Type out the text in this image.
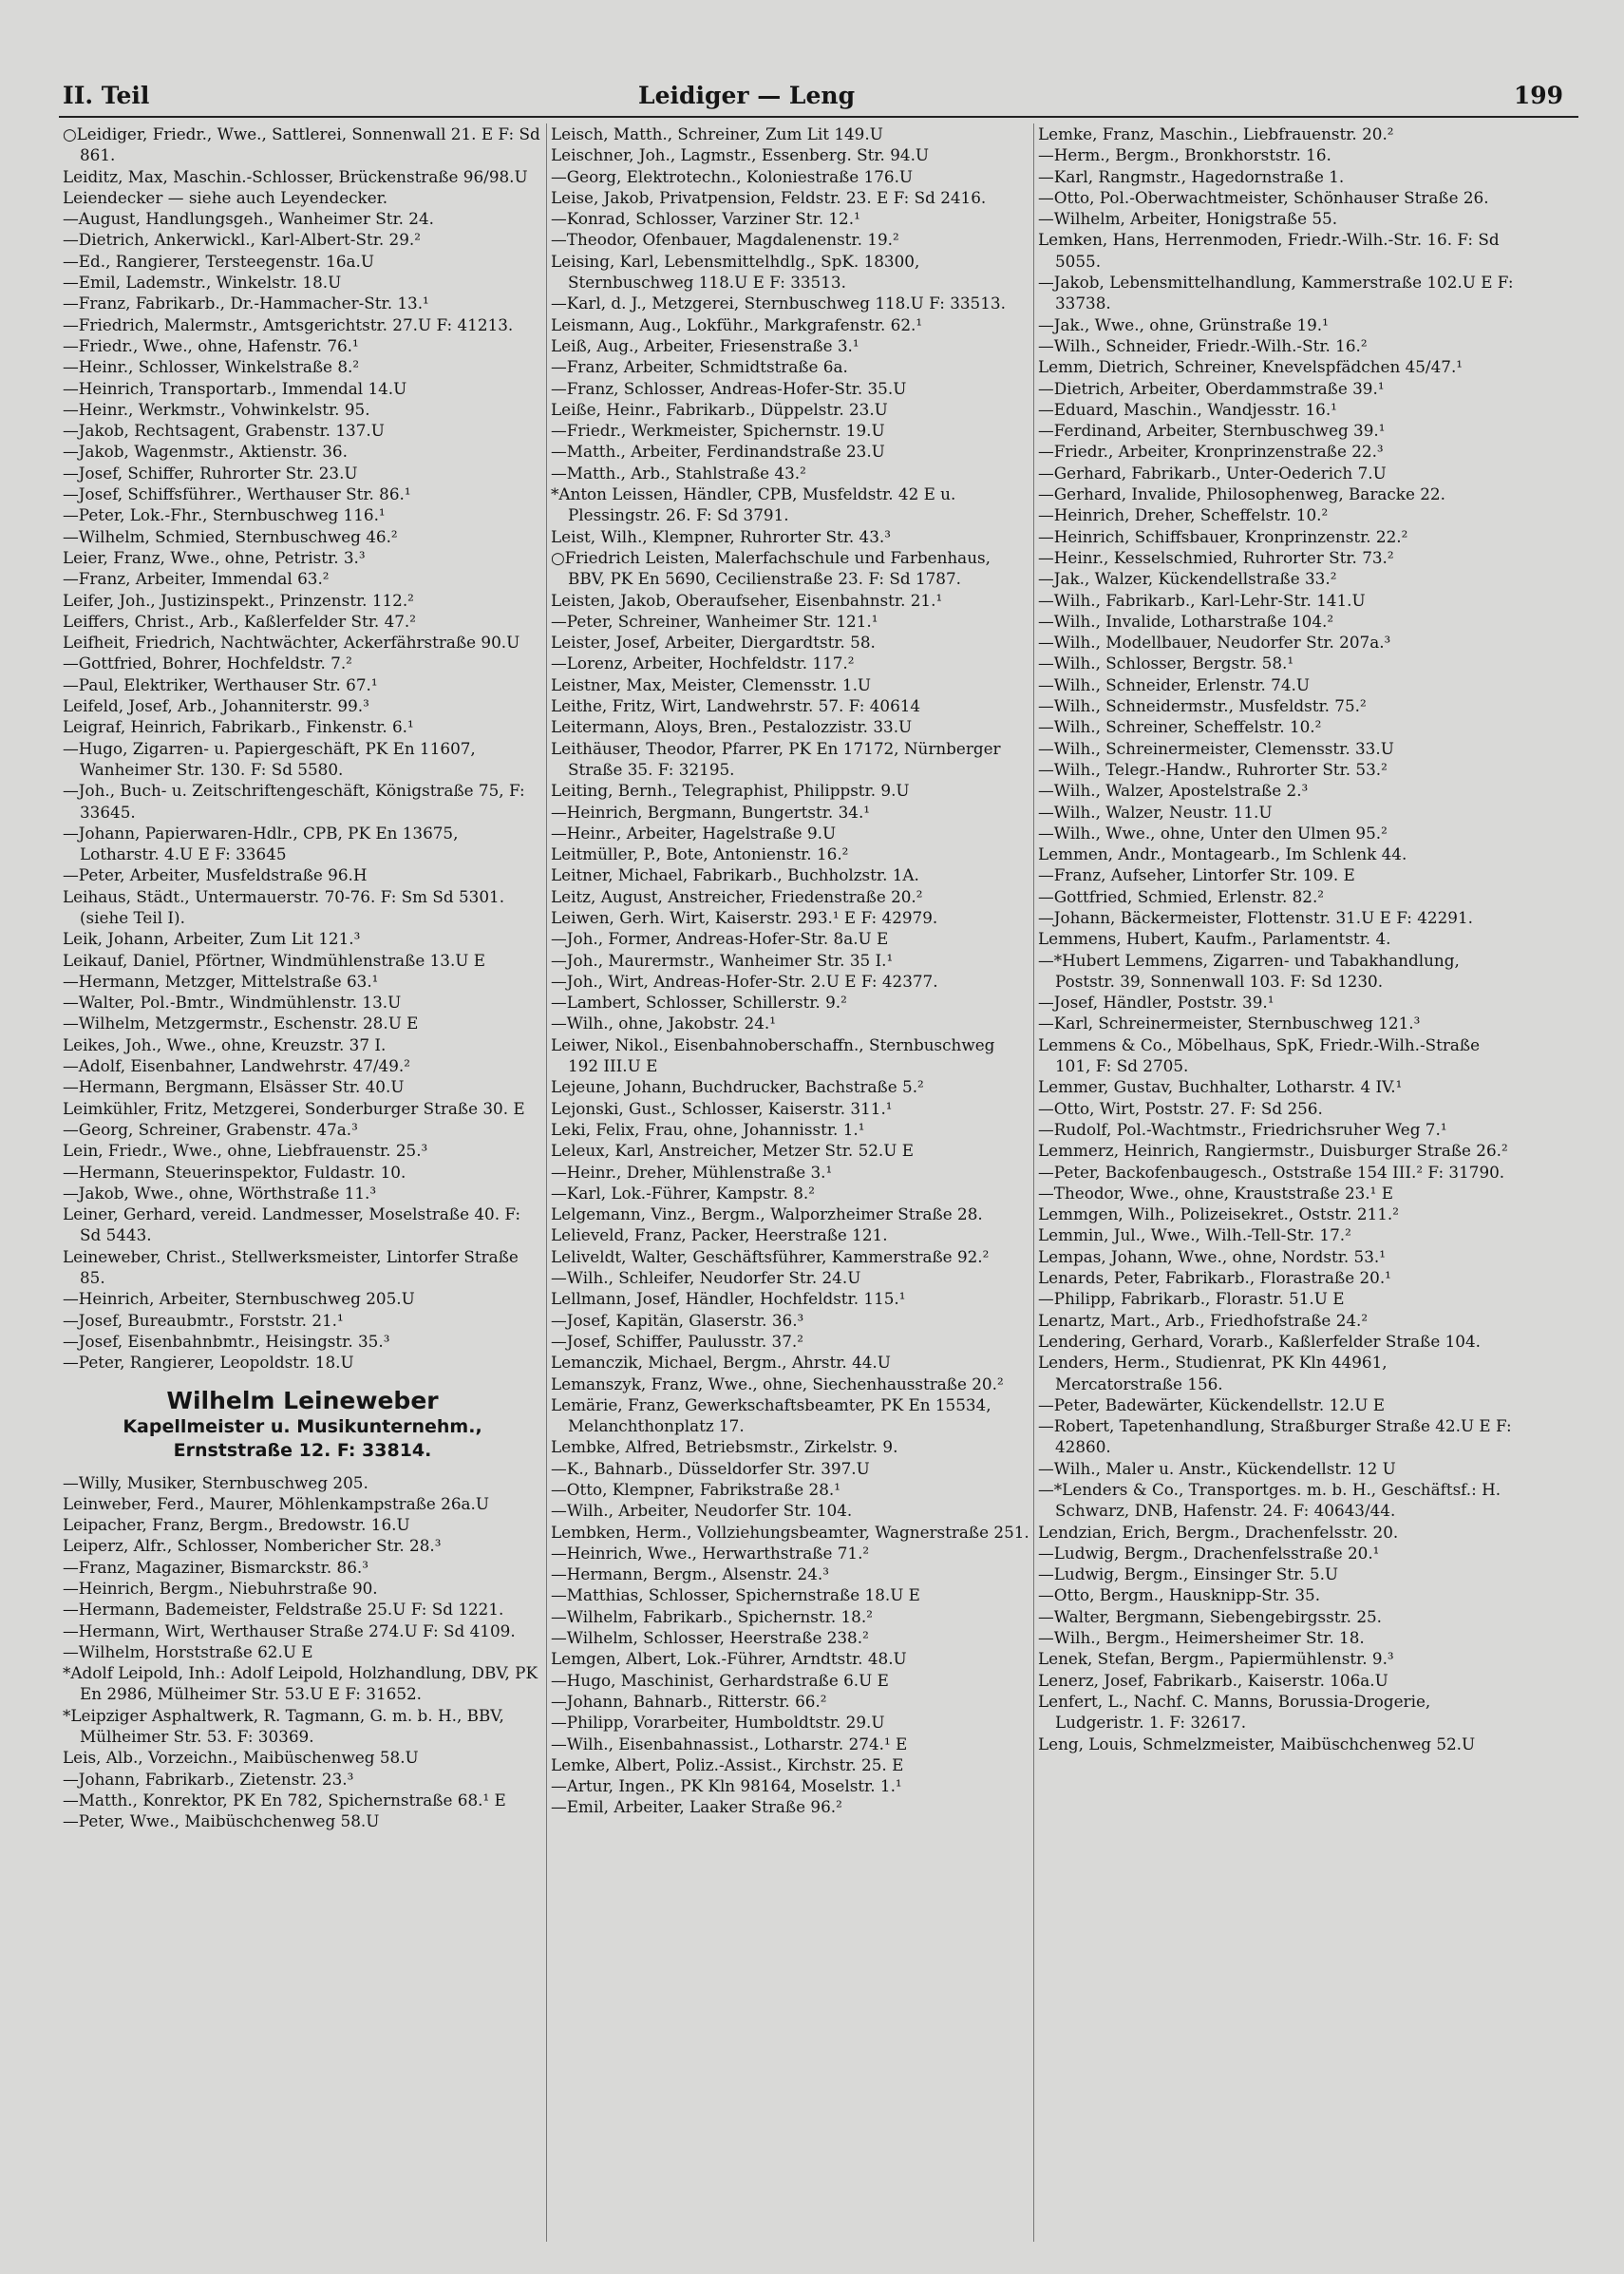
II. Teil	Leidiger — Leng	199

○Leidiger, Friedr., Wwe., Sattlerei, Sonnenwall 21. E F: Sd 861.

Leiditz, Max, Maschin.-Schlosser, Brückenstraße 96/98.U

Leiendecker — siehe auch Leyendecker.

—August, Handlungsgeh., Wanheimer Str. 24.

—Dietrich, Ankerwickl., Karl-Albert-Str. 29.²

—Ed., Rangierer, Tersteegenstr. 16a.U

—Emil, Lademstr., Winkelstr. 18.U

—Franz, Fabrikarb., Dr.-Hammacher-Str. 13.¹

—Friedrich, Malermstr., Amtsgerichtstr. 27.U F: 41213.

—Friedr., Wwe., ohne, Hafenstr. 76.¹

—Heinr., Schlosser, Winkelstraße 8.²

—Heinrich, Transportarb., Immendal 14.U

—Heinr., Werkmstr., Vohwinkelstr. 95.

—Jakob, Rechtsagent, Grabenstr. 137.U

—Jakob, Wagenmstr., Aktienstr. 36.

—Josef, Schiffer, Ruhrorter Str. 23.U

—Josef, Schiffsführer., Werthauser Str. 86.¹

—Peter, Lok.-Fhr., Sternbuschweg 116.¹

—Wilhelm, Schmied, Sternbuschweg 46.²

Leier, Franz, Wwe., ohne, Petristr. 3.³

—Franz, Arbeiter, Immendal 63.²

Leifer, Joh., Justizinspekt., Prinzenstr. 112.²

Leiffers, Christ., Arb., Kaßlerfelder Str. 47.²

Leifheit, Friedrich, Nachtwächter, Ackerfährstraße 90.U

—Gottfried, Bohrer, Hochfeldstr. 7.²

—Paul, Elektriker, Werthauser Str. 67.¹

Leifeld, Josef, Arb., Johanniterstr. 99.³

Leigraf, Heinrich, Fabrikarb., Finkenstr. 6.¹

—Hugo, Zigarren- u. Papiergeschäft, PK En 11607, Wanheimer Str. 130. F: Sd 5580.

—Joh., Buch- u. Zeitschriftengeschäft, Königstraße 75, F: 33645.

—Johann, Papierwaren-Hdlr., CPB, PK En 13675, Lotharstr. 4.U E F: 33645

—Peter, Arbeiter, Musfeldstraße 96.H

Leihaus, Städt., Untermauerstr. 70-76. F: Sm Sd 5301. (siehe Teil I).

Leik, Johann, Arbeiter, Zum Lit 121.³

Leikauf, Daniel, Pförtner, Windmühlenstraße 13.U E

—Hermann, Metzger, Mittelstraße 63.¹

—Walter, Pol.-Bmtr., Windmühlenstr. 13.U

—Wilhelm, Metzgermstr., Eschenstr. 28.U E

Leikes, Joh., Wwe., ohne, Kreuzstr. 37 I.

—Adolf, Eisenbahner, Landwehrstr. 47/49.²

—Hermann, Bergmann, Elsässer Str. 40.U

Leimkühler, Fritz, Metzgerei, Sonderburger Straße 30. E

—Georg, Schreiner, Grabenstr. 47a.³

Lein, Friedr., Wwe., ohne, Liebfrauenstr. 25.³

—Hermann, Steuerinspektor, Fuldastr. 10.

—Jakob, Wwe., ohne, Wörthstraße 11.³

Leiner, Gerhard, vereid. Landmesser, Moselstraße 40. F: Sd 5443.

Leineweber, Christ., Stellwerksmeister, Lintorfer Straße 85.

—Heinrich, Arbeiter, Sternbuschweg 205.U

—Josef, Bureaubmtr., Forststr. 21.¹

—Josef, Eisenbahnbmtr., Heisingstr. 35.³

—Peter, Rangierer, Leopoldstr. 18.U

Wilhelm Leineweber
Kapellmeister u. Musikunternehm.,
Ernststraße 12. F: 33814.

—Willy, Musiker, Sternbuschweg 205.

Leinweber, Ferd., Maurer, Möhlenkampstraße 26a.U

Leipacher, Franz, Bergm., Bredowstr. 16.U

Leiperz, Alfr., Schlosser, Nombericher Str. 28.³

—Franz, Magaziner, Bismarckstr. 86.³

—Heinrich, Bergm., Niebuhrstraße 90.

—Hermann, Bademeister, Feldstraße 25.U F: Sd 1221.

—Hermann, Wirt, Werthauser Straße 274.U F: Sd 4109.

—Wilhelm, Horststraße 62.U E

*Adolf Leipold, Inh.: Adolf Leipold, Holzhandlung, DBV, PK En 2986, Mülheimer Str. 53.U E F: 31652.

*Leipziger Asphaltwerk, R. Tagmann, G. m. b. H., BBV, Mülheimer Str. 53. F: 30369.

Leis, Alb., Vorzeichn., Maibüschenweg 58.U

—Johann, Fabrikarb., Zietenstr. 23.³

—Matth., Konrektor, PK En 782, Spichernstraße 68.¹ E

—Peter, Wwe., Maibüschchenweg 58.U

Leisch, Matth., Schreiner, Zum Lit 149.U

Leischner, Joh., Lagmstr., Essenberg. Str. 94.U

—Georg, Elektrotechn., Koloniestraße 176.U

Leise, Jakob, Privatpension, Feldstr. 23. E F: Sd 2416.

—Konrad, Schlosser, Varziner Str. 12.¹

—Theodor, Ofenbauer, Magdalenenstr. 19.²

Leising, Karl, Lebensmittelhdlg., SpK. 18300, Sternbuschweg 118.U E F: 33513.

—Karl, d. J., Metzgerei, Sternbuschweg 118.U F: 33513.

Leismann, Aug., Lokführ., Markgrafenstr. 62.¹

Leiß, Aug., Arbeiter, Friesenstraße 3.¹

—Franz, Arbeiter, Schmidtstraße 6a.

—Franz, Schlosser, Andreas-Hofer-Str. 35.U

Leiße, Heinr., Fabrikarb., Düppelstr. 23.U

—Friedr., Werkmeister, Spichernstr. 19.U

—Matth., Arbeiter, Ferdinandstraße 23.U

—Matth., Arb., Stahlstraße 43.²

*Anton Leissen, Händler, CPB, Musfeldstr. 42 E u. Plessingstr. 26. F: Sd 3791.

Leist, Wilh., Klempner, Ruhrorter Str. 43.³

○Friedrich Leisten, Malerfachschule und Farbenhaus, BBV, PK En 5690, Cecilienstraße 23. F: Sd 1787.

Leisten, Jakob, Oberaufseher, Eisenbahnstr. 21.¹

—Peter, Schreiner, Wanheimer Str. 121.¹

Leister, Josef, Arbeiter, Diergardtstr. 58.

—Lorenz, Arbeiter, Hochfeldstr. 117.²

Leistner, Max, Meister, Clemensstr. 1.U

Leithe, Fritz, Wirt, Landwehrstr. 57. F: 40614

Leitermann, Aloys, Bren., Pestalozzistr. 33.U

Leithäuser, Theodor, Pfarrer, PK En 17172, Nürnberger Straße 35. F: 32195.

Leiting, Bernh., Telegraphist, Philippstr. 9.U

—Heinrich, Bergmann, Bungertstr. 34.¹

—Heinr., Arbeiter, Hagelstraße 9.U

Leitmüller, P., Bote, Antonienstr. 16.²

Leitner, Michael, Fabrikarb., Buchholzstr. 1A.

Leitz, August, Anstreicher, Friedenstraße 20.²

Leiwen, Gerh. Wirt, Kaiserstr. 293.¹ E F: 42979.

—Joh., Former, Andreas-Hofer-Str. 8a.U E

—Joh., Maurermstr., Wanheimer Str. 35 I.¹

—Joh., Wirt, Andreas-Hofer-Str. 2.U E F: 42377.

—Lambert, Schlosser, Schillerstr. 9.²

—Wilh., ohne, Jakobstr. 24.¹

Leiwer, Nikol., Eisenbahnoberschaffn., Sternbuschweg 192 III.U E

Lejeune, Johann, Buchdrucker, Bachstraße 5.²

Lejonski, Gust., Schlosser, Kaiserstr. 311.¹

Leki, Felix, Frau, ohne, Johannisstr. 1.¹

Leleux, Karl, Anstreicher, Metzer Str. 52.U E

—Heinr., Dreher, Mühlenstraße 3.¹

—Karl, Lok.-Führer, Kampstr. 8.²

Lelgemann, Vinz., Bergm., Walporzheimer Straße 28.

Lelieveld, Franz, Packer, Heerstraße 121.

Leliveldt, Walter, Geschäftsführer, Kammerstraße 92.²

—Wilh., Schleifer, Neudorfer Str. 24.U

Lellmann, Josef, Händler, Hochfeldstr. 115.¹

—Josef, Kapitän, Glaserstr. 36.³

—Josef, Schiffer, Paulusstr. 37.²

Lemanczik, Michael, Bergm., Ahrstr. 44.U

Lemanszyk, Franz, Wwe., ohne, Siechenhausstraße 20.²

Lemärie, Franz, Gewerkschaftsbeamter, PK En 15534, Melanchthonplatz 17.

Lembke, Alfred, Betriebsmstr., Zirkelstr. 9.

—K., Bahnarb., Düsseldorfer Str. 397.U

—Otto, Klempner, Fabrikstraße 28.¹

—Wilh., Arbeiter, Neudorfer Str. 104.

Lembken, Herm., Vollziehungsbeamter, Wagnerstraße 251.

—Heinrich, Wwe., Herwarthstraße 71.²

—Hermann, Bergm., Alsenstr. 24.³

—Matthias, Schlosser, Spichernstraße 18.U E

—Wilhelm, Fabrikarb., Spichernstr. 18.²

—Wilhelm, Schlosser, Heerstraße 238.²

Lemgen, Albert, Lok.-Führer, Arndtstr. 48.U

—Hugo, Maschinist, Gerhardstraße 6.U E

—Johann, Bahnarb., Ritterstr. 66.²

—Philipp, Vorarbeiter, Humboldtstr. 29.U

—Wilh., Eisenbahnassist., Lotharstr. 274.¹ E

Lemke, Albert, Poliz.-Assist., Kirchstr. 25. E

—Artur, Ingen., PK Kln 98164, Moselstr. 1.¹

—Emil, Arbeiter, Laaker Straße 96.²

Lemke, Franz, Maschin., Liebfrauenstr. 20.²

—Herm., Bergm., Bronkhorststr. 16.

—Karl, Rangmstr., Hagedornstraße 1.

—Otto, Pol.-Oberwachtmeister, Schönhauser Straße 26.

—Wilhelm, Arbeiter, Honigstraße 55.

Lemken, Hans, Herrenmoden, Friedr.-Wilh.-Str. 16. F: Sd 5055.

—Jakob, Lebensmittelhandlung, Kammerstraße 102.U E F: 33738.

—Jak., Wwe., ohne, Grünstraße 19.¹

—Wilh., Schneider, Friedr.-Wilh.-Str. 16.²

Lemm, Dietrich, Schreiner, Knevelspfädchen 45/47.¹

—Dietrich, Arbeiter, Oberdammstraße 39.¹

—Eduard, Maschin., Wandjesstr. 16.¹

—Ferdinand, Arbeiter, Sternbuschweg 39.¹

—Friedr., Arbeiter, Kronprinzenstraße 22.³

—Gerhard, Fabrikarb., Unter-Oederich 7.U

—Gerhard, Invalide, Philosophenweg, Baracke 22.

—Heinrich, Dreher, Scheffelstr. 10.²

—Heinrich, Schiffsbauer, Kronprinzenstr. 22.²

—Heinr., Kesselschmied, Ruhrorter Str. 73.²

—Jak., Walzer, Kückendellstraße 33.²

—Wilh., Fabrikarb., Karl-Lehr-Str. 141.U

—Wilh., Invalide, Lotharstraße 104.²

—Wilh., Modellbauer, Neudorfer Str. 207a.³

—Wilh., Schlosser, Bergstr. 58.¹

—Wilh., Schneider, Erlenstr. 74.U

—Wilh., Schneidermstr., Musfeldstr. 75.²

—Wilh., Schreiner, Scheffelstr. 10.²

—Wilh., Schreinermeister, Clemensstr. 33.U

—Wilh., Telegr.-Handw., Ruhrorter Str. 53.²

—Wilh., Walzer, Apostelstraße 2.³

—Wilh., Walzer, Neustr. 11.U

—Wilh., Wwe., ohne, Unter den Ulmen 95.²

Lemmen, Andr., Montagearb., Im Schlenk 44.

—Franz, Aufseher, Lintorfer Str. 109. E

—Gottfried, Schmied, Erlenstr. 82.²

—Johann, Bäckermeister, Flottenstr. 31.U E F: 42291.

Lemmens, Hubert, Kaufm., Parlamentstr. 4.

—*Hubert Lemmens, Zigarren- und Tabakhandlung, Poststr. 39, Sonnenwall 103. F: Sd 1230.

—Josef, Händler, Poststr. 39.¹

—Karl, Schreinermeister, Sternbuschweg 121.³

Lemmens & Co., Möbelhaus, SpK, Friedr.-Wilh.-Straße 101, F: Sd 2705.

Lemmer, Gustav, Buchhalter, Lotharstr. 4 IV.¹

—Otto, Wirt, Poststr. 27. F: Sd 256.

—Rudolf, Pol.-Wachtmstr., Friedrichsruher Weg 7.¹

Lemmerz, Heinrich, Rangiermstr., Duisburger Straße 26.²

—Peter, Backofenbaugesch., Oststraße 154 III.² F: 31790.

—Theodor, Wwe., ohne, Krauststraße 23.¹ E

Lemmgen, Wilh., Polizeisekret., Oststr. 211.²

Lemmin, Jul., Wwe., Wilh.-Tell-Str. 17.²

Lempas, Johann, Wwe., ohne, Nordstr. 53.¹

Lenards, Peter, Fabrikarb., Florastraße 20.¹

—Philipp, Fabrikarb., Florastr. 51.U E

Lenartz, Mart., Arb., Friedhofstraße 24.²

Lendering, Gerhard, Vorarb., Kaßlerfelder Straße 104.

Lenders, Herm., Studienrat, PK Kln 44961, Mercatorstraße 156.

—Peter, Badewärter, Kückendellstr. 12.U E

—Robert, Tapetenhandlung, Straßburger Straße 42.U E F: 42860.

—Wilh., Maler u. Anstr., Kückendellstr. 12 U

—*Lenders & Co., Transportges. m. b. H., Geschäftsf.: H. Schwarz, DNB, Hafenstr. 24. F: 40643/44.

Lendzian, Erich, Bergm., Drachenfelsstr. 20.

—Ludwig, Bergm., Drachenfelsstraße 20.¹

—Ludwig, Bergm., Einsinger Str. 5.U

—Otto, Bergm., Hausknipp-Str. 35.

—Walter, Bergmann, Siebengebirgsstr. 25.

—Wilh., Bergm., Heimersheimer Str. 18.

Lenek, Stefan, Bergm., Papiermühlenstr. 9.³

Lenerz, Josef, Fabrikarb., Kaiserstr. 106a.U

Lenfert, L., Nachf. C. Manns, Borussia-Drogerie, Ludgeristr. 1. F: 32617.

Leng, Louis, Schmelzmeister, Maibüschchenweg 52.U
